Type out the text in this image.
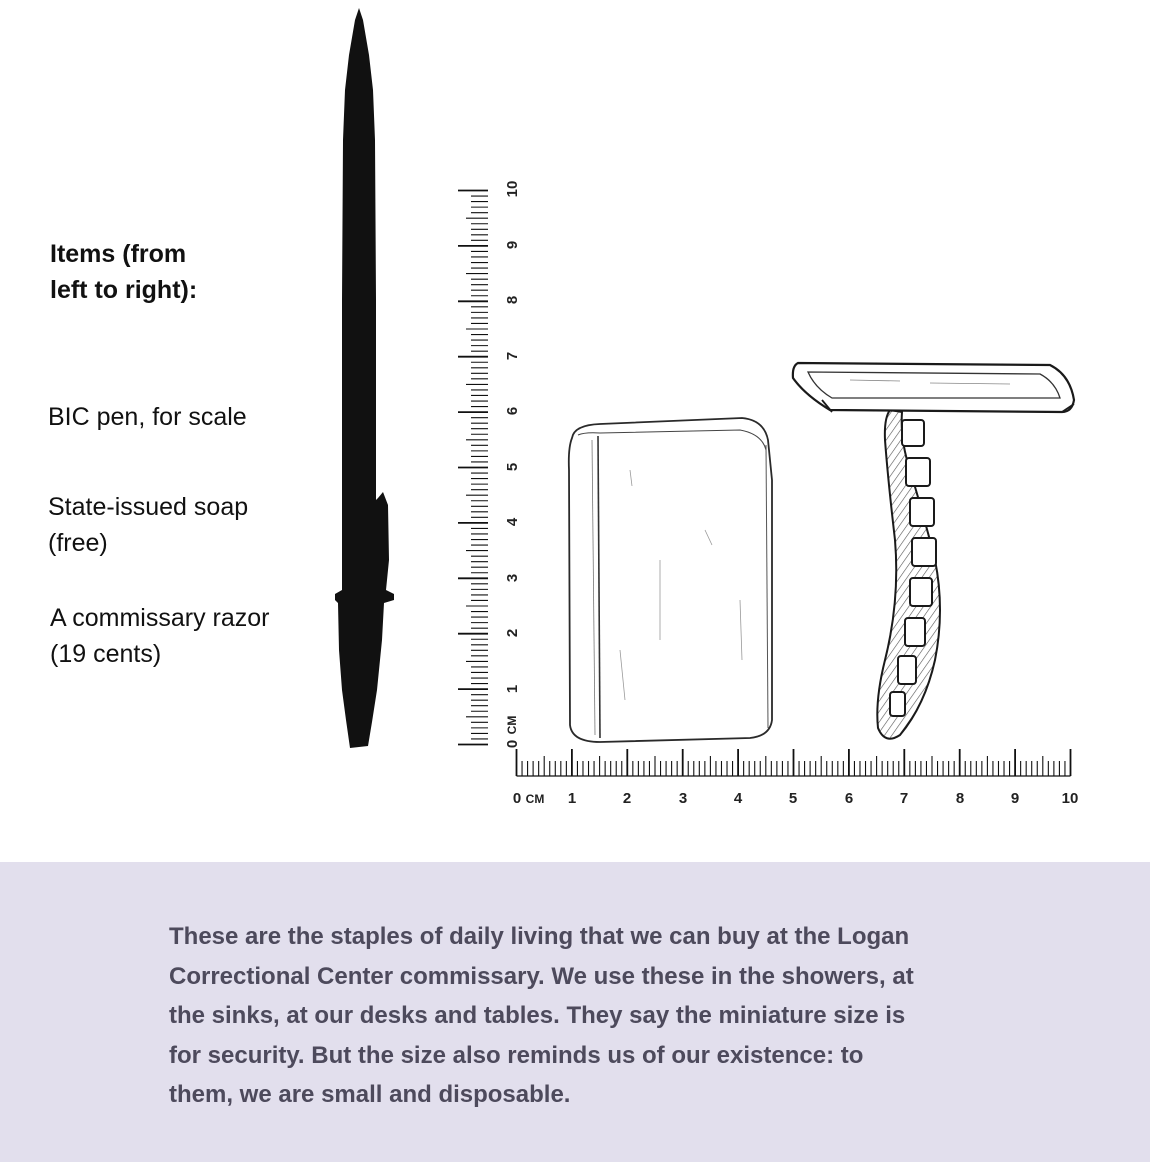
Items (from left to right):
BIC pen, for scale
State-issued soap (free)
A commissary razor (19 cents)
0 CM 1	2	3	4	5	6	7	8	9	10
0
CM
1
2
3
4
5
6
7
8
9
10

These are the staples of daily living that we can buy at the Logan Correctional Center commissary. We use these in the showers, at the sinks, at our desks and tables. They say the miniature size is for security. But the size also reminds us of our existence: to them, we are small and disposable.
